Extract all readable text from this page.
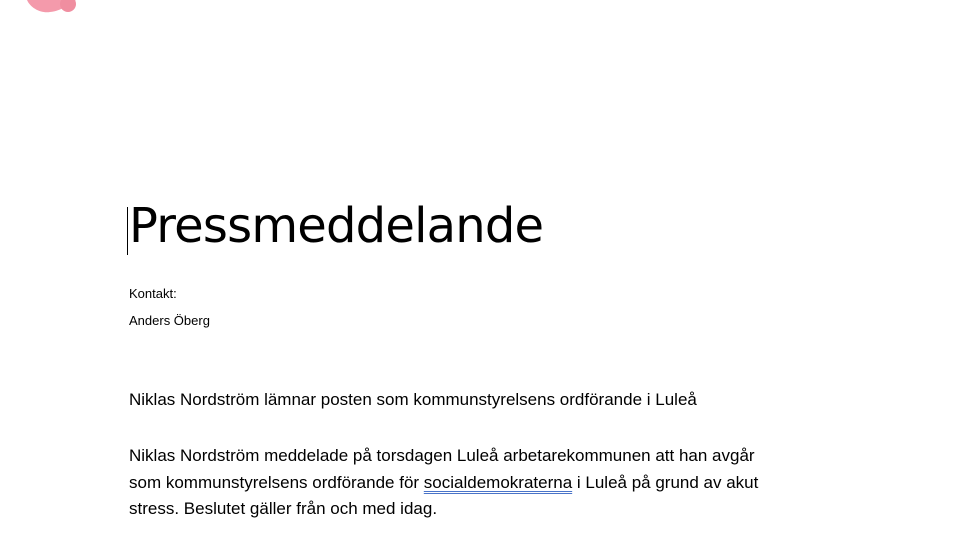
Pressmeddelande

Kontakt:

Anders Öberg

Niklas Nordström lämnar posten som kommunstyrelsens ordförande i Luleå

Niklas Nordström meddelade på torsdagen Luleå arbetarekommunen att han avgår
som kommunstyrelsens ordförande för socialdemokraterna i Luleå på grund av akut
stress. Beslutet gäller från och med idag.
